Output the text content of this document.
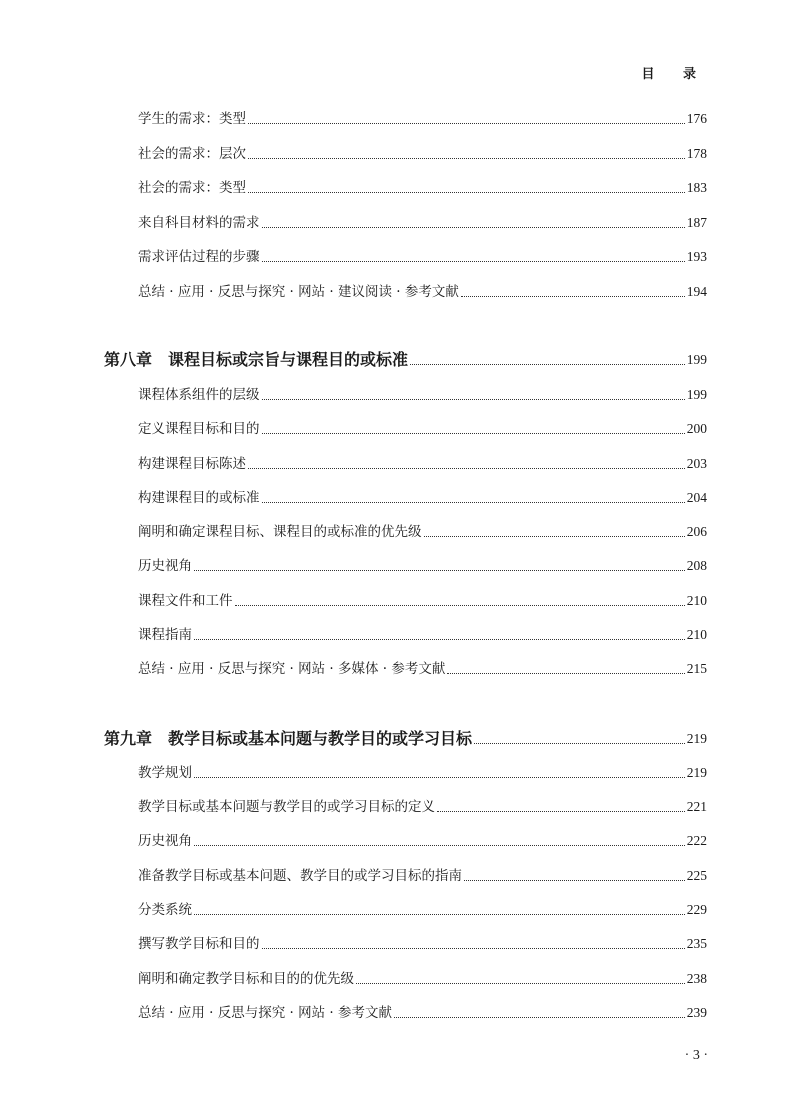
目 录
学生的需求：类型	176
社会的需求：层次	178
社会的需求：类型	183
来自科目材料的需求	187
需求评估过程的步骤	193
总结 · 应用 · 反思与探究 · 网站 · 建议阅读 · 参考文献	194
第八章　课程目标或宗旨与课程目的或标准	199
课程体系组件的层级	199
定义课程目标和目的	200
构建课程目标陈述	203
构建课程目的或标准	204
阐明和确定课程目标、课程目的或标准的优先级	206
历史视角	208
课程文件和工件	210
课程指南	210
总结 · 应用 · 反思与探究 · 网站 · 多媒体 · 参考文献	215
第九章　教学目标或基本问题与教学目的或学习目标	219
教学规划	219
教学目标或基本问题与教学目的或学习目标的定义	221
历史视角	222
准备教学目标或基本问题、教学目的或学习目标的指南	225
分类系统	229
撰写教学目标和目的	235
阐明和确定教学目标和目的的优先级	238
总结 · 应用 · 反思与探究 · 网站 · 参考文献	239
· 3 ·
